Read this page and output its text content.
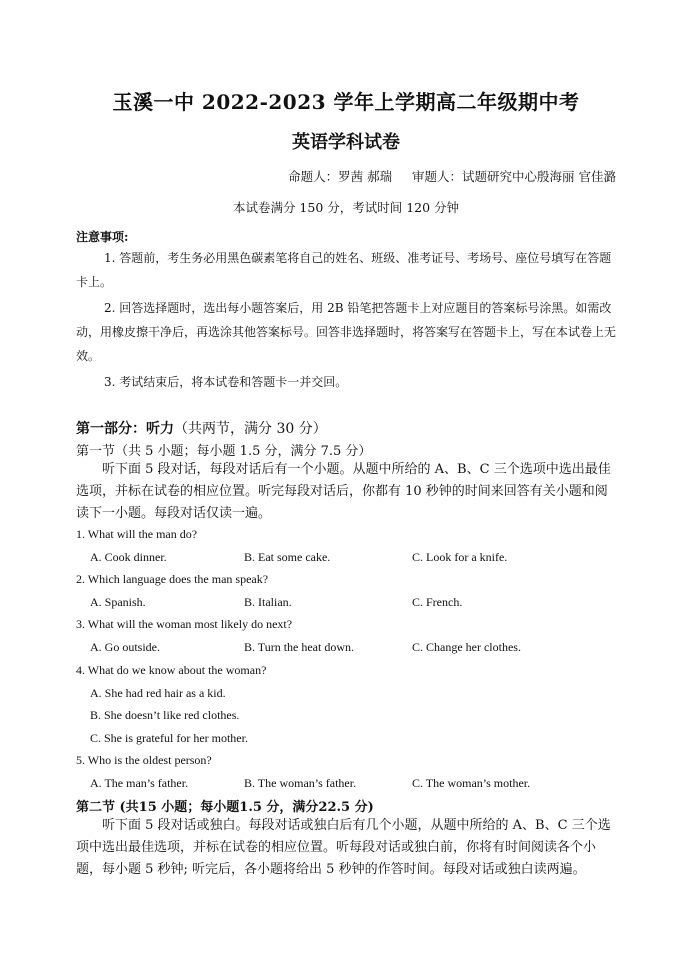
玉溪一中 2022-2023 学年上学期高二年级期中考
英语学科试卷
命题人：罗茜 郝瑞     审题人：试题研究中心殷海丽 官佳潞
本试卷满分 150 分，考试时间 120 分钟
注意事项:
1. 答题前，考生务必用黑色碳素笔将自己的姓名、班级、准考证号、考场号、座位号填写在答题卡上。
2. 回答选择题时，选出每小题答案后，用 2B 铅笔把答题卡上对应题目的答案标号涂黑。如需改动，用橡皮擦干净后，再选涂其他答案标号。回答非选择题时，将答案写在答题卡上，写在本试卷上无效。
3. 考试结束后，将本试卷和答题卡一并交回。
第一部分：听力（共两节，满分 30 分）
第一节（共 5 小题；每小题 1.5 分，满分 7.5 分）
听下面 5 段对话，每段对话后有一个小题。从题中所给的 A、B、C 三个选项中选出最佳选项，并标在试卷的相应位置。听完每段对话后，你都有 10 秒钟的时间来回答有关小题和阅读下一小题。每段对话仅读一遍。
1. What will the man do?
A. Cook dinner.	B. Eat some cake.	C. Look for a knife.
2. Which language does the man speak?
A. Spanish.	B. Italian.	C. French.
3. What will the woman most likely do next?
A. Go outside.	B. Turn the heat down.	C. Change her clothes.
4. What do we know about the woman?
A. She had red hair as a kid.
B. She doesn’t like red clothes.
C. She is grateful for her mother.
5. Who is the oldest person?
A. The man’s father.	B. The woman’s father.	C. The woman’s mother.
第二节 (共15 小题；每小题1.5 分，满分22.5 分)
听下面 5 段对话或独白。每段对话或独白后有几个小题，从题中所给的 A、B、C 三个选项中选出最佳选项，并标在试卷的相应位置。听每段对话或独白前，你将有时间阅读各个小题，每小题 5 秒钟; 听完后，各小题将给出 5 秒钟的作答时间。每段对话或独白读两遍。
